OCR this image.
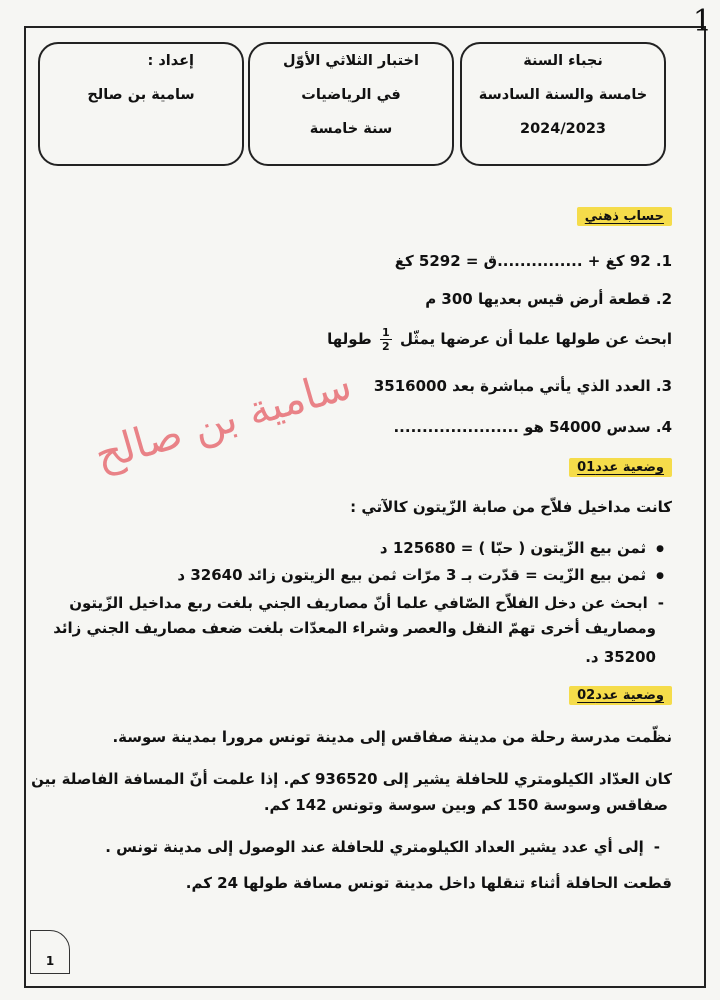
1
نجباء السنة
خامسة والسنة السادسة
2024/2023
اختبار الثلاثي الأوّل
في الرياضيات
سنة خامسة
إعداد :
سامية بن صالح
حساب ذهني
1. 92 كغ + ...............ق = 5292 كغ
2. قطعة أرض قيس بعديها 300 م
ابحث عن طولها علما أن عرضها يمثّل
$\frac{1}{2}$
طولها
3. العدد الذي يأتي مباشرة بعد 3516000
4. سدس 54000 هو ......................
سامية بن صالح	وضعية عدد01
كانت مداخيل فلاّح من صابة الزّيتون كالآتي :
● ثمن بيع الزّيتون ( حبّا ) = 125680 د
● ثمن بيع الزّيت = قدّرت بـ 3 مرّات ثمن بيع الزيتون زائد 32640 د
- ابحث عن دخل الفلاّح الصّافي علما أنّ مصاريف الجني بلغت ربع مداخيل الزّيتون
ومصاريف أخرى تهمّ النقل والعصر وشراء المعدّات بلغت ضعف مصاريف الجني زائد
35200 د.
وضعية عدد02
نظّمت مدرسة رحلة من مدينة صفاقس إلى مدينة تونس مرورا بمدينة سوسة.
كان العدّاد الكيلومتري للحافلة يشير إلى 936520 كم. إذا علمت أنّ المسافة الفاصلة بين
صفاقس وسوسة 150 كم وبين سوسة وتونس 142 كم.
- إلى أي عدد يشير العداد الكيلومتري للحافلة عند الوصول إلى مدينة تونس .
قطعت الحافلة أثناء تنقلها داخل مدينة تونس مسافة طولها 24 كم.
1
